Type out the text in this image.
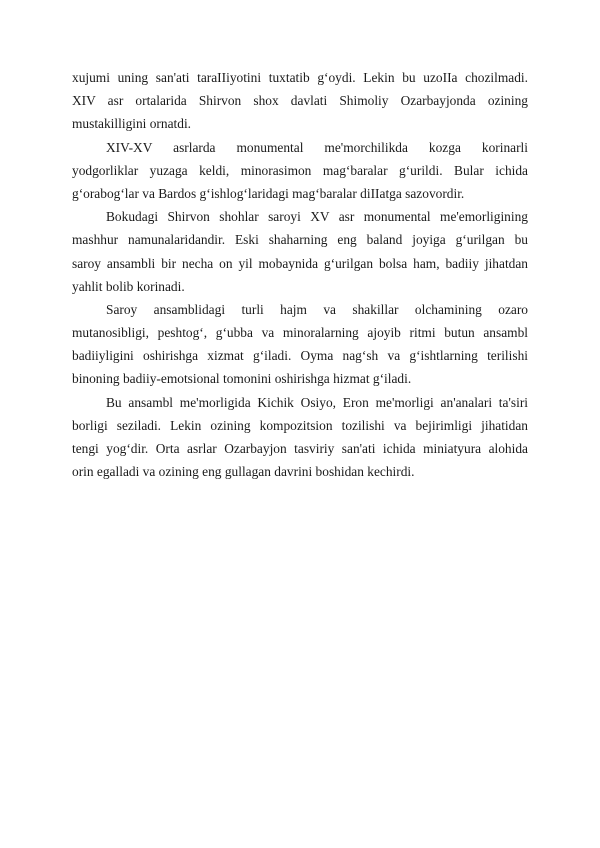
xujumi uning san'ati taraIIiyotini tuxtatib g‘oydi. Lekin bu uzoIIa chozilmadi.
XIV asr ortalarida Shirvon shox davlati Shimoliy Ozarbayjonda ozining
mustakilligini ornatdi.
XIV-XV asrlarda monumental me'morchilikda kozga korinarli
yodgorliklar yuzaga keldi, minorasimon mag‘baralar g‘urildi. Bular ichida
g‘orabog‘lar va Bardos g‘ishlog‘laridagi mag‘baralar diIIatga sazovordir.
Bokudagi Shirvon shohlar saroyi XV asr monumental me'emorligining
mashhur namunalaridandir. Eski shaharning eng baland joyiga g‘urilgan bu
saroy ansambli bir necha on yil mobaynida g‘urilgan bolsa ham, badiiy jihatdan
yahlit bolib korinadi.
Saroy ansamblidagi turli hajm va shakillar olchamining ozaro
mutanosibligi, peshtog‘, g‘ubba va minoralarning ajoyib ritmi butun ansambl
badiiyligini oshirishga xizmat g‘iladi. Oyma nag‘sh va g‘ishtlarning terilishi
binoning badiiy-emotsional tomonini oshirishga hizmat g‘iladi.
Bu ansambl me'morligida Kichik Osiyo, Eron me'morligi an'analari ta'siri
borligi seziladi. Lekin ozining kompozitsion tozilishi va bejirimligi jihatidan
tengi yog‘dir. Orta asrlar Ozarbayjon tasviriy san'ati ichida miniatyura alohida
orin egalladi va ozining eng gullagan davrini boshidan kechirdi.
